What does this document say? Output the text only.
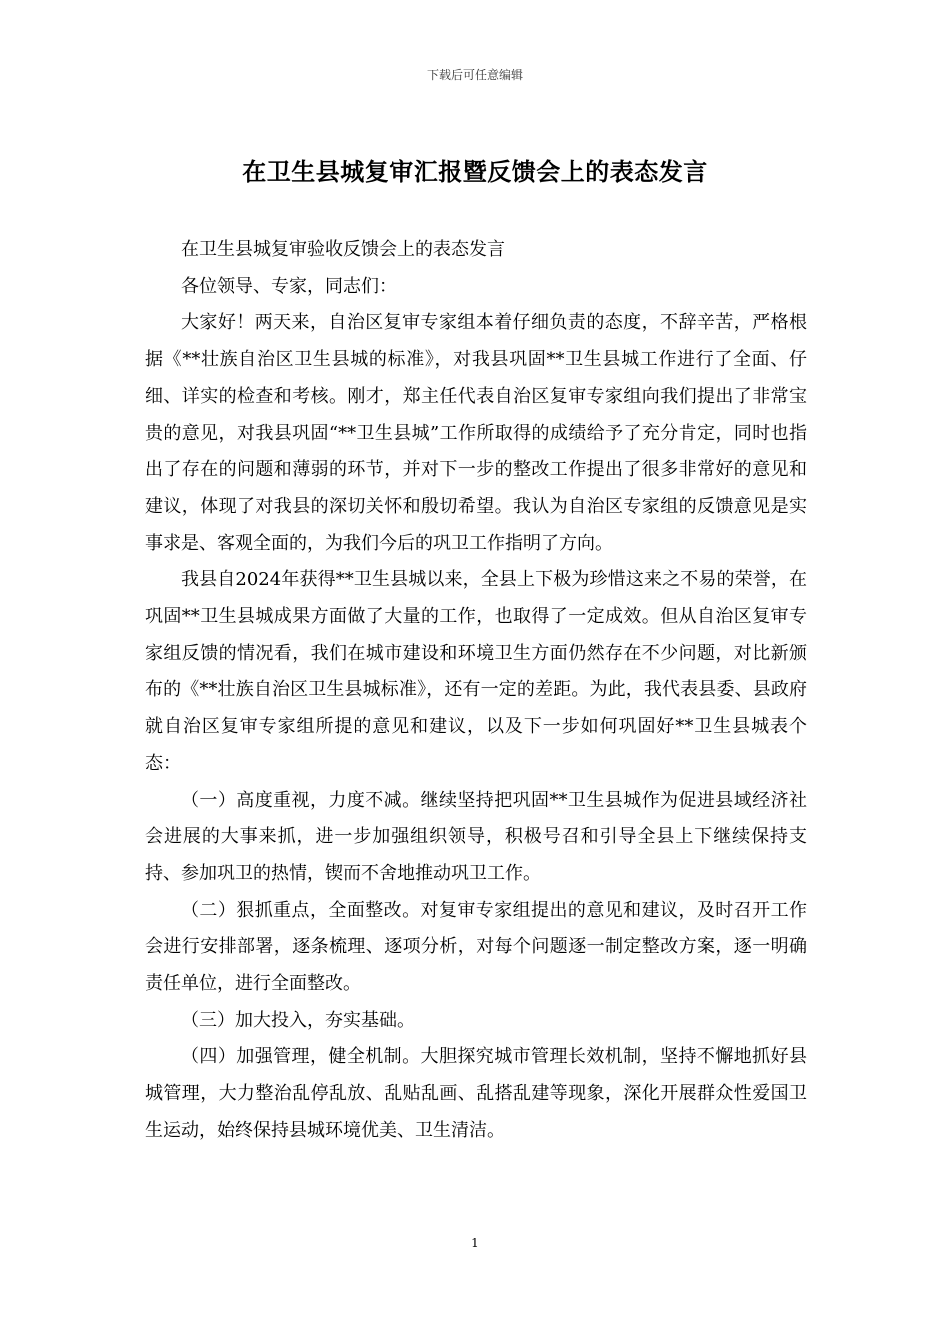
下载后可任意编辑
在卫生县城复审汇报暨反馈会上的表态发言

在卫生县城复审验收反馈会上的表态发言

各位领导、专家，同志们：

大家好！两天来，自治区复审专家组本着仔细负责的态度，不辞辛苦，严格根据《**壮族自治区卫生县城的标准》，对我县巩固**卫生县城工作进行了全面、仔细、详实的检查和考核。刚才，郑主任代表自治区复审专家组向我们提出了非常宝贵的意见，对我县巩固“**卫生县城”工作所取得的成绩给予了充分肯定，同时也指出了存在的问题和薄弱的环节，并对下一步的整改工作提出了很多非常好的意见和建议，体现了对我县的深切关怀和殷切希望。我认为自治区专家组的反馈意见是实事求是、客观全面的，为我们今后的巩卫工作指明了方向。

我县自2024年获得**卫生县城以来，全县上下极为珍惜这来之不易的荣誉，在巩固**卫生县城成果方面做了大量的工作，也取得了一定成效。但从自治区复审专家组反馈的情况看，我们在城市建设和环境卫生方面仍然存在不少问题，对比新颁布的《**壮族自治区卫生县城标准》，还有一定的差距。为此，我代表县委、县政府就自治区复审专家组所提的意见和建议，以及下一步如何巩固好**卫生县城表个态：

（一）高度重视，力度不减。继续坚持把巩固**卫生县城作为促进县域经济社会进展的大事来抓，进一步加强组织领导，积极号召和引导全县上下继续保持支持、参加巩卫的热情，锲而不舍地推动巩卫工作。

（二）狠抓重点，全面整改。对复审专家组提出的意见和建议，及时召开工作会进行安排部署，逐条梳理、逐项分析，对每个问题逐一制定整改方案，逐一明确责任单位，进行全面整改。

（三）加大投入，夯实基础。

（四）加强管理，健全机制。大胆探究城市管理长效机制，坚持不懈地抓好县城管理，大力整治乱停乱放、乱贴乱画、乱搭乱建等现象，深化开展群众性爱国卫生运动，始终保持县城环境优美、卫生清洁。

1
